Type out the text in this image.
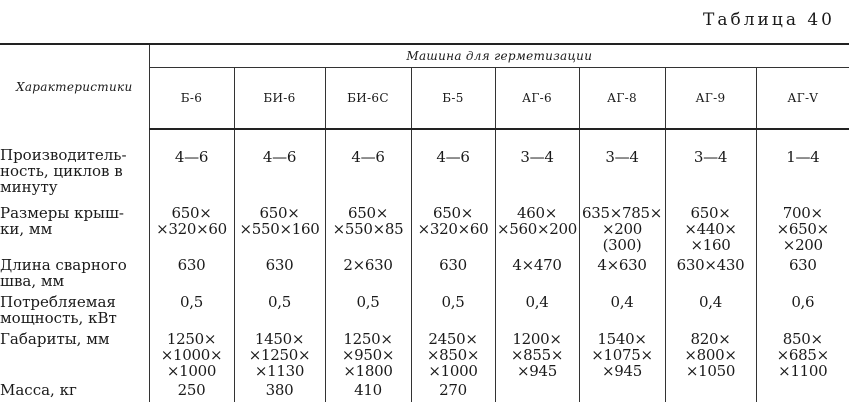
Таблица 40
Характеристики	Машина для герметизации							
	Б-6	БИ-6	БИ-6С	Б-5	АГ-6	АГ-8	АГ-9	АГ-V
Производитель- ность, циклов в минуту	4—6	4—6	4—6	4—6	3—4	3—4	3—4	1—4

Размеры крыш- ки, мм	650×
×320×60	650×
×550×160	650×
×550×85	650×
×320×60	460×
×560×200	635×785×
×200
(300)	650×
×440×
×160	700×
×650×
×200

Длина сварного шва, мм	630	630	2×630	630	4×470	4×630	630×430	630

Потребляемая мощность, кВт	0,5	0,5	0,5	0,5	0,4	0,4	0,4	0,6

Габариты, мм	1250×
×1000×
×1000	1450×
×1250×
×1130	1250×
×950×
×1800	2450×
×850×
×1000	1200×
×855×
×945	1540×
×1075×
×945	820×
×800×
×1050	850×
×685×
×1100

Масса, кг	250	380	410	270				
